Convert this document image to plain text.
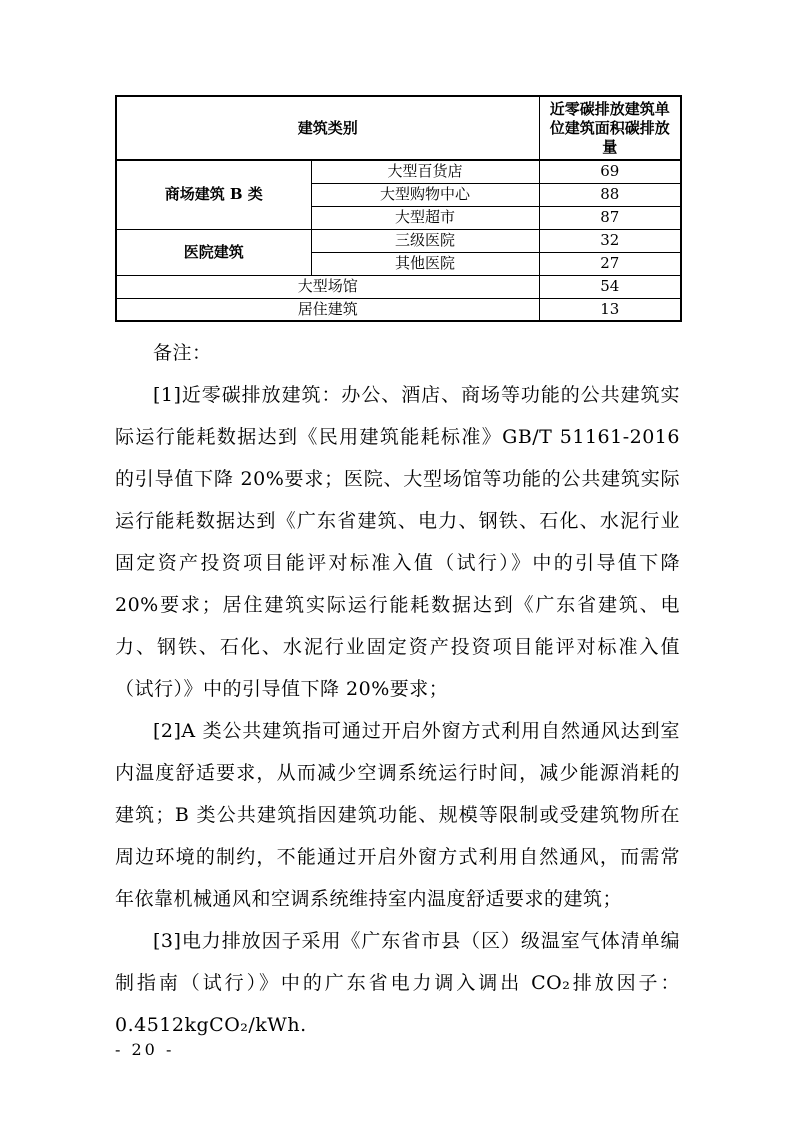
建筑类别		近零碳排放建筑单位建筑面积碳排放量
商场建筑 B 类	大型百货店	69
	大型购物中心	88
	大型超市	87
医院建筑	三级医院	32
	其他医院	27
大型场馆		54
居住建筑		13

备注：

[1]近零碳排放建筑：办公、酒店、商场等功能的公共建筑实际运行能耗数据达到《民用建筑能耗标准》GB/T 51161-2016 的引导值下降 20%要求；医院、大型场馆等功能的公共建筑实际运行能耗数据达到《广东省建筑、电力、钢铁、石化、水泥行业固定资产投资项目能评对标准入值（试行）》中的引导值下降 20%要求；居住建筑实际运行能耗数据达到《广东省建筑、电力、钢铁、石化、水泥行业固定资产投资项目能评对标准入值（试行）》中的引导值下降 20%要求；

[2]A 类公共建筑指可通过开启外窗方式利用自然通风达到室内温度舒适要求，从而减少空调系统运行时间，减少能源消耗的建筑；B 类公共建筑指因建筑功能、规模等限制或受建筑物所在周边环境的制约，不能通过开启外窗方式利用自然通风，而需常年依靠机械通风和空调系统维持室内温度舒适要求的建筑；

[3]电力排放因子采用《广东省市县（区）级温室气体清单编制指南（试行）》中的广东省电力调入调出 CO₂排放因子：0.4512kgCO₂/kWh.

- 20 -
